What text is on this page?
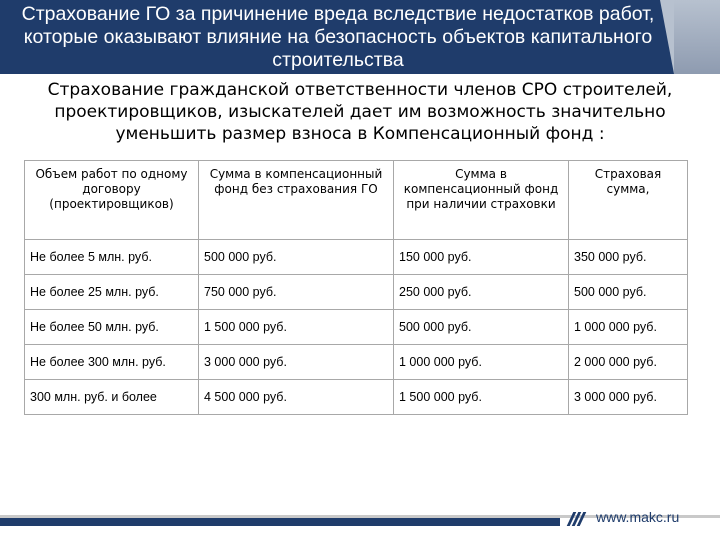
Страхование ГО за причинение вреда вследствие недостатков работ, которые оказывают влияние на безопасность объектов капитального строительства
Страхование гражданской ответственности членов СРО строителей, проектировщиков, изыскателей дает им возможность значительно уменьшить размер взноса в Компенсационный фонд :
Объем работ по одному договору (проектировщиков)	Сумма в компенсационный фонд без страхования ГО	Сумма в компенсационный фонд при наличии страховки	Страховая сумма,
Не более 5 млн. руб.	500 000 руб.	150 000 руб.	350 000 руб.
Не более 25 млн. руб.	750 000 руб.	250 000 руб.	500 000 руб.
Не более 50 млн. руб.	1 500 000 руб.	500 000 руб.	1 000 000 руб.
Не более 300 млн. руб.	3 000 000 руб.	1 000 000 руб.	2 000 000 руб.
300 млн. руб. и более	4 500 000 руб.	1 500 000 руб.	3 000 000 руб.
www.makc.ru
